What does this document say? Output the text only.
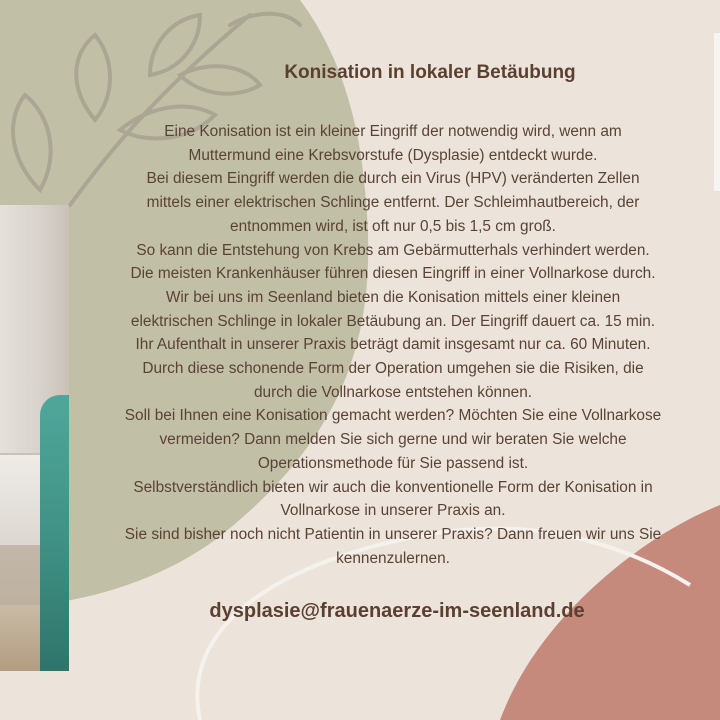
Konisation in lokaler Betäubung

Eine Konisation ist ein kleiner Eingriff der notwendig wird, wenn am

Muttermund eine Krebsvorstufe (Dysplasie) entdeckt wurde.

Bei diesem Eingriff werden die durch ein Virus (HPV) veränderten Zellen

mittels einer elektrischen Schlinge entfernt. Der Schleimhautbereich, der

entnommen wird, ist oft nur 0,5 bis 1,5 cm groß.

So kann die Entstehung von Krebs am Gebärmutterhals verhindert werden.

Die meisten Krankenhäuser führen diesen Eingriff in einer Vollnarkose durch.

Wir bei uns im Seenland bieten die Konisation mittels einer kleinen

elektrischen Schlinge in lokaler Betäubung an. Der Eingriff dauert ca. 15 min.

Ihr Aufenthalt in unserer Praxis beträgt damit insgesamt nur ca. 60 Minuten.

Durch diese schonende Form der Operation umgehen sie die Risiken, die

durch die Vollnarkose entstehen können.

Soll bei Ihnen eine Konisation gemacht werden? Möchten Sie eine Vollnarkose

vermeiden? Dann melden Sie sich gerne und wir beraten Sie welche

Operationsmethode für Sie passend ist.

Selbstverständlich bieten wir auch die konventionelle Form der Konisation in

Vollnarkose in unserer Praxis an.

Sie sind bisher noch nicht Patientin in unserer Praxis? Dann freuen wir uns Sie

kennenzulernen.

dysplasie@frauenaerze-im-seenland.de
